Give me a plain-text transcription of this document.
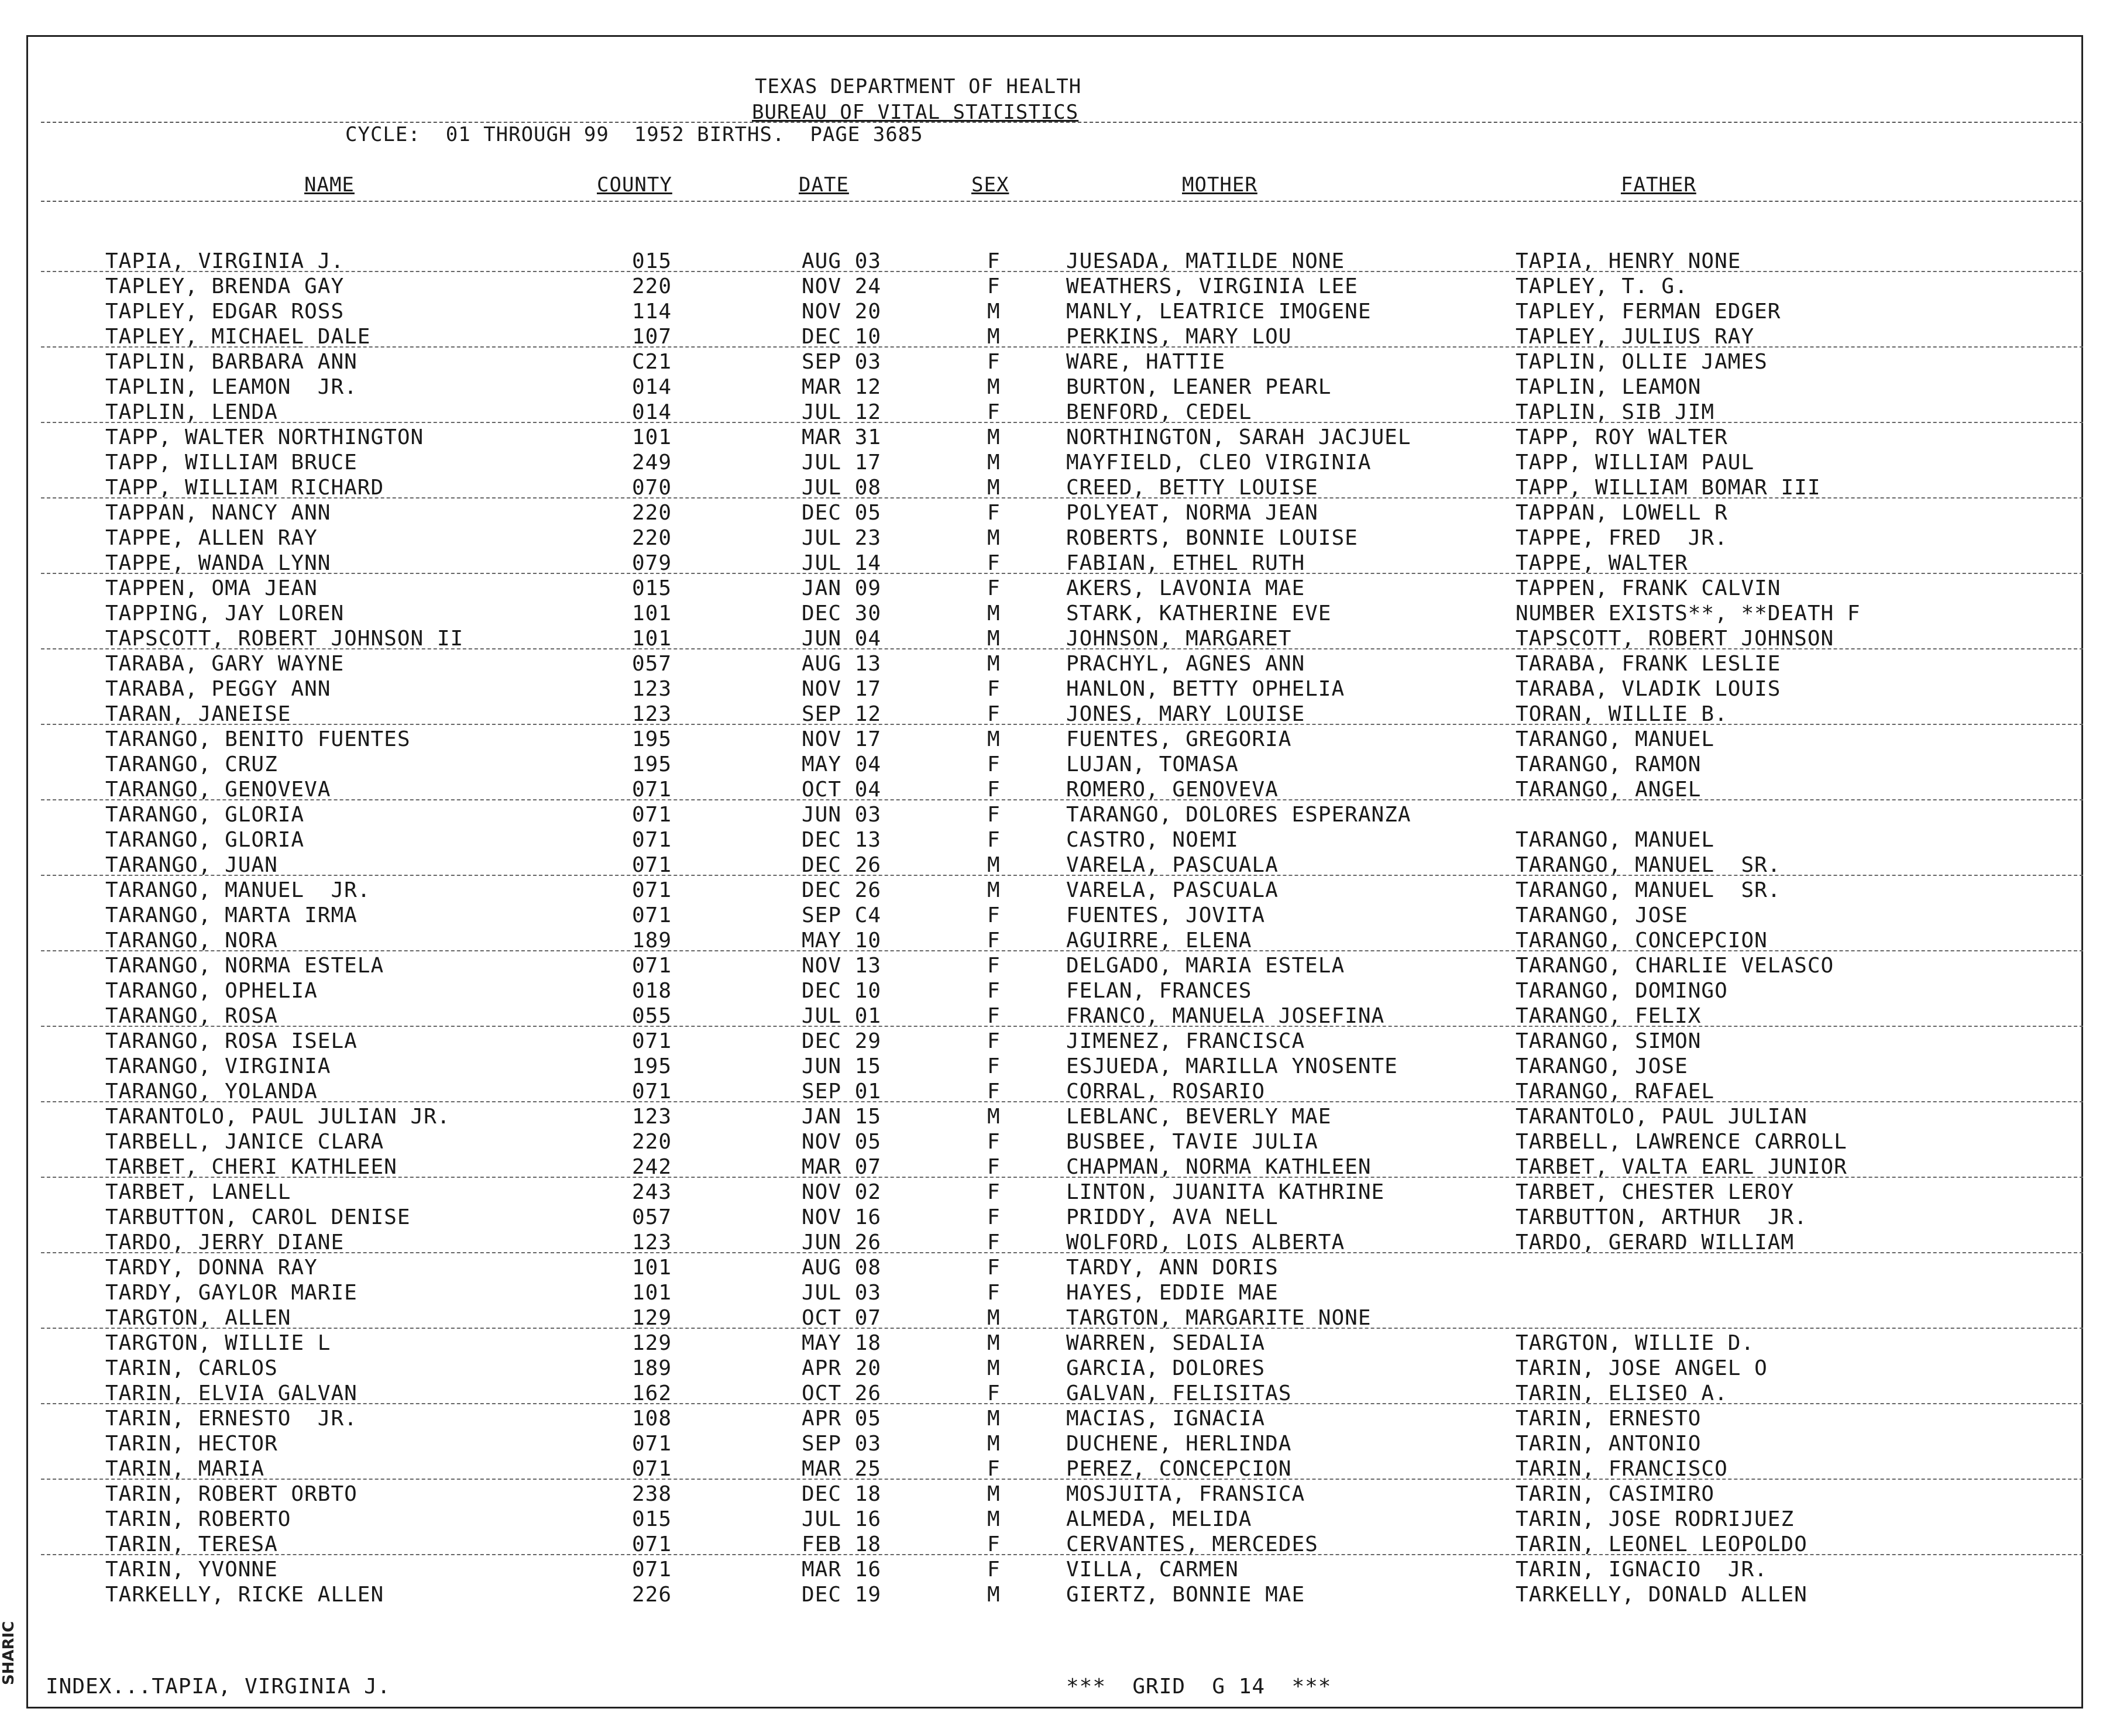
SHARIC
TEXAS DEPARTMENT OF HEALTH
BUREAU OF VITAL STATISTICS
CYCLE:  01 THROUGH 99  1952 BIRTHS.  PAGE 3685
NAME	COUNTY	DATE	SEX	MOTHER	FATHER
TAPIA, VIRGINIA J.	015	AUG 03	F	JUESADA, MATILDE NONE	TAPIA, HENRY NONE
TAPLEY, BRENDA GAY	220	NOV 24	F	WEATHERS, VIRGINIA LEE	TAPLEY, T. G.
TAPLEY, EDGAR ROSS	114	NOV 20	M	MANLY, LEATRICE IMOGENE	TAPLEY, FERMAN EDGER
TAPLEY, MICHAEL DALE	107	DEC 10	M	PERKINS, MARY LOU	TAPLEY, JULIUS RAY
TAPLIN, BARBARA ANN	C21	SEP 03	F	WARE, HATTIE	TAPLIN, OLLIE JAMES
TAPLIN, LEAMON  JR.	014	MAR 12	M	BURTON, LEANER PEARL	TAPLIN, LEAMON
TAPLIN, LENDA	014	JUL 12	F	BENFORD, CEDEL	TAPLIN, SIB JIM
TAPP, WALTER NORTHINGTON	101	MAR 31	M	NORTHINGTON, SARAH JACJUEL	TAPP, ROY WALTER
TAPP, WILLIAM BRUCE	249	JUL 17	M	MAYFIELD, CLEO VIRGINIA	TAPP, WILLIAM PAUL
TAPP, WILLIAM RICHARD	070	JUL 08	M	CREED, BETTY LOUISE	TAPP, WILLIAM BOMAR III
TAPPAN, NANCY ANN	220	DEC 05	F	POLYEAT, NORMA JEAN	TAPPAN, LOWELL R
TAPPE, ALLEN RAY	220	JUL 23	M	ROBERTS, BONNIE LOUISE	TAPPE, FRED  JR.
TAPPE, WANDA LYNN	079	JUL 14	F	FABIAN, ETHEL RUTH	TAPPE, WALTER
TAPPEN, OMA JEAN	015	JAN 09	F	AKERS, LAVONIA MAE	TAPPEN, FRANK CALVIN
TAPPING, JAY LOREN	101	DEC 30	M	STARK, KATHERINE EVE	NUMBER EXISTS**, **DEATH F
TAPSCOTT, ROBERT JOHNSON II	101	JUN 04	M	JOHNSON, MARGARET	TAPSCOTT, ROBERT JOHNSON
TARABA, GARY WAYNE	057	AUG 13	M	PRACHYL, AGNES ANN	TARABA, FRANK LESLIE
TARABA, PEGGY ANN	123	NOV 17	F	HANLON, BETTY OPHELIA	TARABA, VLADIK LOUIS
TARAN, JANEISE	123	SEP 12	F	JONES, MARY LOUISE	TORAN, WILLIE B.
TARANGO, BENITO FUENTES	195	NOV 17	M	FUENTES, GREGORIA	TARANGO, MANUEL
TARANGO, CRUZ	195	MAY 04	F	LUJAN, TOMASA	TARANGO, RAMON
TARANGO, GENOVEVA	071	OCT 04	F	ROMERO, GENOVEVA	TARANGO, ANGEL
TARANGO, GLORIA	071	JUN 03	F	TARANGO, DOLORES ESPERANZA
TARANGO, GLORIA	071	DEC 13	F	CASTRO, NOEMI	TARANGO, MANUEL
TARANGO, JUAN	071	DEC 26	M	VARELA, PASCUALA	TARANGO, MANUEL  SR.
TARANGO, MANUEL  JR.	071	DEC 26	M	VARELA, PASCUALA	TARANGO, MANUEL  SR.
TARANGO, MARTA IRMA	071	SEP C4	F	FUENTES, JOVITA	TARANGO, JOSE
TARANGO, NORA	189	MAY 10	F	AGUIRRE, ELENA	TARANGO, CONCEPCION
TARANGO, NORMA ESTELA	071	NOV 13	F	DELGADO, MARIA ESTELA	TARANGO, CHARLIE VELASCO
TARANGO, OPHELIA	018	DEC 10	F	FELAN, FRANCES	TARANGO, DOMINGO
TARANGO, ROSA	055	JUL 01	F	FRANCO, MANUELA JOSEFINA	TARANGO, FELIX
TARANGO, ROSA ISELA	071	DEC 29	F	JIMENEZ, FRANCISCA	TARANGO, SIMON
TARANGO, VIRGINIA	195	JUN 15	F	ESJUEDA, MARILLA YNOSENTE	TARANGO, JOSE
TARANGO, YOLANDA	071	SEP 01	F	CORRAL, ROSARIO	TARANGO, RAFAEL
TARANTOLO, PAUL JULIAN JR.	123	JAN 15	M	LEBLANC, BEVERLY MAE	TARANTOLO, PAUL JULIAN
TARBELL, JANICE CLARA	220	NOV 05	F	BUSBEE, TAVIE JULIA	TARBELL, LAWRENCE CARROLL
TARBET, CHERI KATHLEEN	242	MAR 07	F	CHAPMAN, NORMA KATHLEEN	TARBET, VALTA EARL JUNIOR
TARBET, LANELL	243	NOV 02	F	LINTON, JUANITA KATHRINE	TARBET, CHESTER LEROY
TARBUTTON, CAROL DENISE	057	NOV 16	F	PRIDDY, AVA NELL	TARBUTTON, ARTHUR  JR.
TARDO, JERRY DIANE	123	JUN 26	F	WOLFORD, LOIS ALBERTA	TARDO, GERARD WILLIAM
TARDY, DONNA RAY	101	AUG 08	F	TARDY, ANN DORIS
TARDY, GAYLOR MARIE	101	JUL 03	F	HAYES, EDDIE MAE
TARGTON, ALLEN	129	OCT 07	M	TARGTON, MARGARITE NONE
TARGTON, WILLIE L	129	MAY 18	M	WARREN, SEDALIA	TARGTON, WILLIE D.
TARIN, CARLOS	189	APR 20	M	GARCIA, DOLORES	TARIN, JOSE ANGEL O
TARIN, ELVIA GALVAN	162	OCT 26	F	GALVAN, FELISITAS	TARIN, ELISEO A.
TARIN, ERNESTO  JR.	108	APR 05	M	MACIAS, IGNACIA	TARIN, ERNESTO
TARIN, HECTOR	071	SEP 03	M	DUCHENE, HERLINDA	TARIN, ANTONIO
TARIN, MARIA	071	MAR 25	F	PEREZ, CONCEPCION	TARIN, FRANCISCO
TARIN, ROBERT ORBTO	238	DEC 18	M	MOSJUITA, FRANSICA	TARIN, CASIMIRO
TARIN, ROBERTO	015	JUL 16	M	ALMEDA, MELIDA	TARIN, JOSE RODRIJUEZ
TARIN, TERESA	071	FEB 18	F	CERVANTES, MERCEDES	TARIN, LEONEL LEOPOLDO
TARIN, YVONNE	071	MAR 16	F	VILLA, CARMEN	TARIN, IGNACIO  JR.
TARKELLY, RICKE ALLEN	226	DEC 19	M	GIERTZ, BONNIE MAE	TARKELLY, DONALD ALLEN
INDEX...TAPIA, VIRGINIA J.	***  GRID  G 14  ***
